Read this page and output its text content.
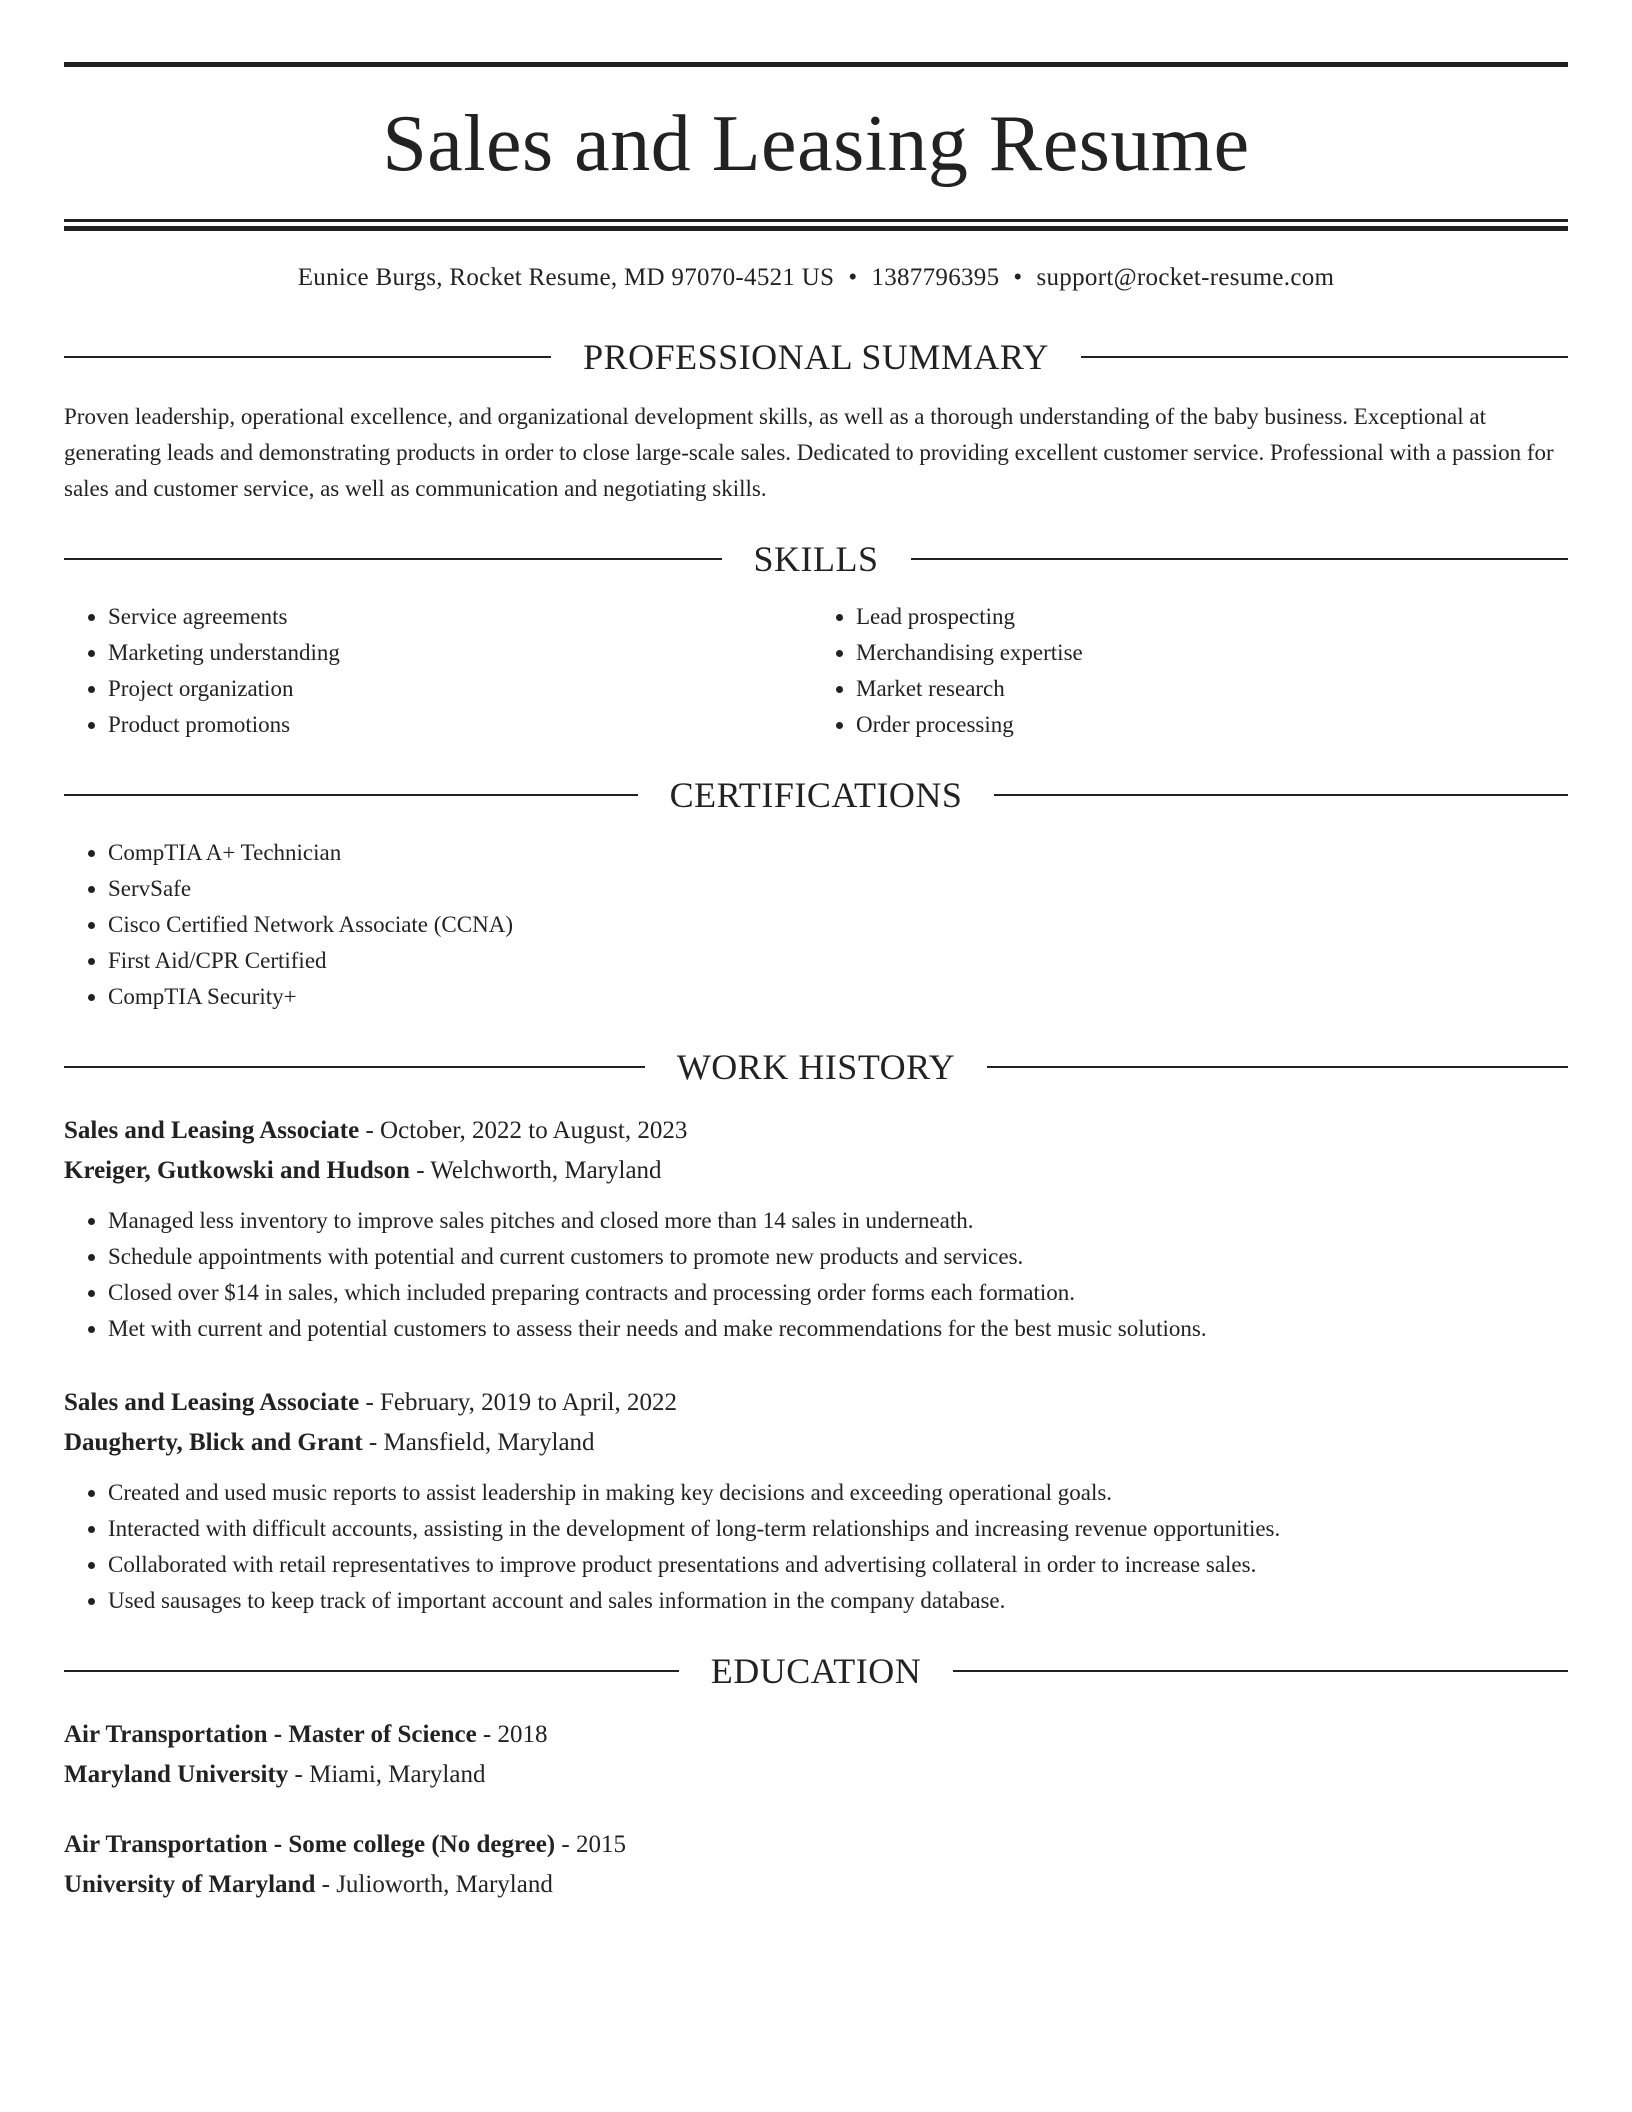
Sales and Leasing Resume
Eunice Burgs, Rocket Resume, MD 97070-4521 US • 1387796395 • support@rocket-resume.com
PROFESSIONAL SUMMARY

Proven leadership, operational excellence, and organizational development skills, as well as a thorough understanding of the baby business. Exceptional at generating leads and demonstrating products in order to close large-scale sales. Dedicated to providing excellent customer service. Professional with a passion for sales and customer service, as well as communication and negotiating skills.

SKILLS
• Service agreements
• Marketing understanding
• Project organization
• Product promotions
• Lead prospecting
• Merchandising expertise
• Market research
• Order processing
CERTIFICATIONS
• CompTIA A+ Technician
• ServSafe
• Cisco Certified Network Associate (CCNA)
• First Aid/CPR Certified
• CompTIA Security+
WORK HISTORY
Sales and Leasing Associate - October, 2022 to August, 2023
Kreiger, Gutkowski and Hudson - Welchworth, Maryland
• Managed less inventory to improve sales pitches and closed more than 14 sales in underneath.
• Schedule appointments with potential and current customers to promote new products and services.
• Closed over $14 in sales, which included preparing contracts and processing order forms each formation.
• Met with current and potential customers to assess their needs and make recommendations for the best music solutions.
Sales and Leasing Associate - February, 2019 to April, 2022
Daugherty, Blick and Grant - Mansfield, Maryland
• Created and used music reports to assist leadership in making key decisions and exceeding operational goals.
• Interacted with difficult accounts, assisting in the development of long-term relationships and increasing revenue opportunities.
• Collaborated with retail representatives to improve product presentations and advertising collateral in order to increase sales.
• Used sausages to keep track of important account and sales information in the company database.
EDUCATION
Air Transportation - Master of Science - 2018
Maryland University - Miami, Maryland
Air Transportation - Some college (No degree) - 2015
University of Maryland - Julioworth, Maryland
